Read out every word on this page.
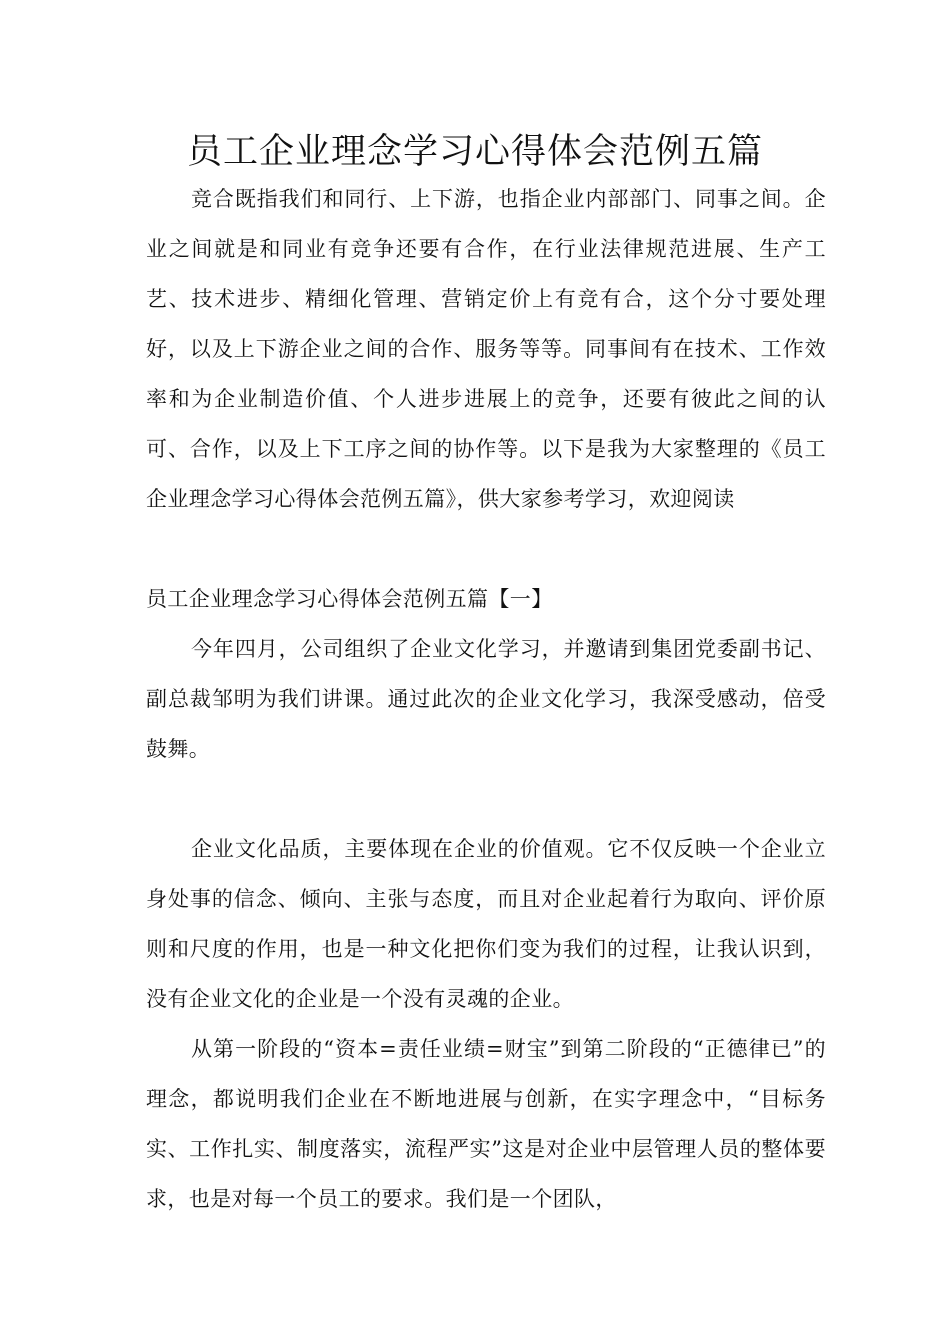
员工企业理念学习心得体会范例五篇

竞合既指我们和同行、上下游，也指企业内部部门、同事之间。企业之间就是和同业有竞争还要有合作，在行业法律规范进展、生产工艺、技术进步、精细化管理、营销定价上有竞有合，这个分寸要处理好，以及上下游企业之间的合作、服务等等。同事间有在技术、工作效率和为企业制造价值、个人进步进展上的竞争，还要有彼此之间的认可、合作，以及上下工序之间的协作等。以下是我为大家整理的《员工企业理念学习心得体会范例五篇》，供大家参考学习，欢迎阅读

员工企业理念学习心得体会范例五篇【一】

今年四月，公司组织了企业文化学习，并邀请到集团党委副书记、副总裁邹明为我们讲课。通过此次的企业文化学习，我深受感动，倍受鼓舞。

企业文化品质，主要体现在企业的价值观。它不仅反映一个企业立身处事的信念、倾向、主张与态度，而且对企业起着行为取向、评价原则和尺度的作用，也是一种文化把你们变为我们的过程，让我认识到，没有企业文化的企业是一个没有灵魂的企业。

从第一阶段的“资本=责任业绩=财宝”到第二阶段的“正德律已”的理念，都说明我们企业在不断地进展与创新，在实字理念中，“目标务实、工作扎实、制度落实，流程严实”这是对企业中层管理人员的整体要求，也是对每一个员工的要求。我们是一个团队，
